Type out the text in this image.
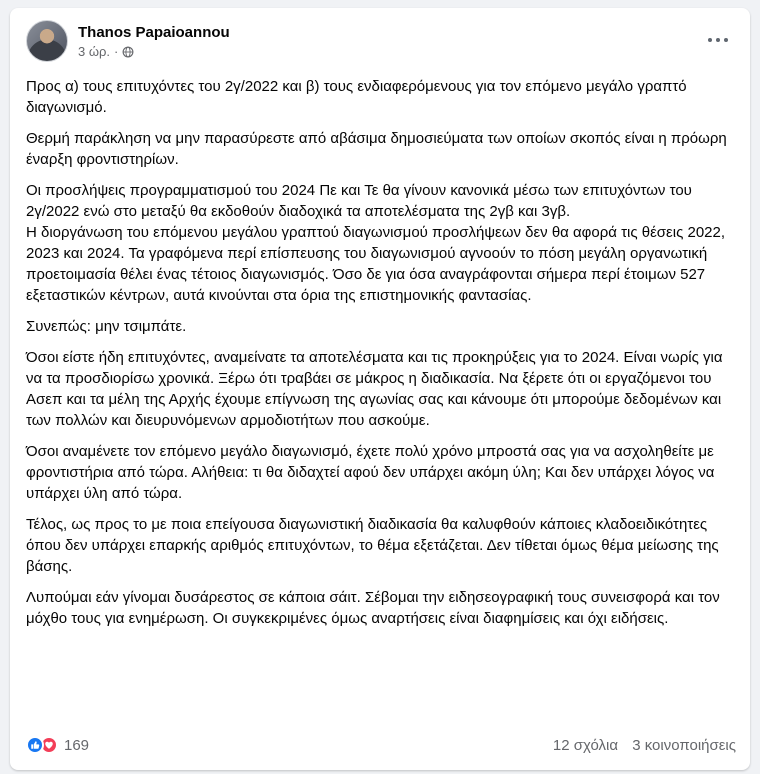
Thanos Papaioannou
3 ώρ. ·

Προς α) τους επιτυχόντες του 2γ/2022 και β) τους ενδιαφερόμενους για τον επόμενο μεγάλο γραπτό διαγωνισμό.

Θερμή παράκληση να μην παρασύρεστε από αβάσιμα δημοσιεύματα των οποίων σκοπός είναι η πρόωρη έναρξη φροντιστηρίων.

Οι προσλήψεις προγραμματισμού του 2024 Πε και Τε θα γίνουν κανονικά μέσω των επιτυχόντων του 2γ/2022 ενώ στο μεταξύ θα εκδοθούν διαδοχικά τα αποτελέσματα της 2γβ και 3γβ.

Η διοργάνωση του επόμενου μεγάλου γραπτού διαγωνισμού προσλήψεων δεν θα αφορά τις θέσεις 2022, 2023 και 2024. Τα γραφόμενα περί επίσπευσης του διαγωνισμού αγνοούν το πόση μεγάλη οργανωτική προετοιμασία θέλει ένας τέτοιος διαγωνισμός. Όσο δε για όσα αναγράφονται σήμερα περί έτοιμων 527 εξεταστικών κέντρων, αυτά κινούνται στα όρια της επιστημονικής φαντασίας.

Συνεπώς: μην τσιμπάτε.

Όσοι είστε ήδη επιτυχόντες, αναμείνατε τα αποτελέσματα και τις προκηρύξεις για το 2024. Είναι νωρίς για να τα προσδιορίσω χρονικά. Ξέρω ότι τραβάει σε μάκρος η διαδικασία. Να ξέρετε ότι οι εργαζόμενοι του Ασεπ και τα μέλη της Αρχής έχουμε επίγνωση της αγωνίας σας και κάνουμε ότι μπορούμε δεδομένων και των πολλών και διευρυνόμενων αρμοδιοτήτων που ασκούμε.

Όσοι αναμένετε τον επόμενο μεγάλο διαγωνισμό, έχετε πολύ χρόνο μπροστά σας για να ασχοληθείτε με φροντιστήρια από τώρα. Αλήθεια: τι θα διδαχτεί αφού δεν υπάρχει ακόμη ύλη; Και δεν υπάρχει λόγος να υπάρχει ύλη από τώρα.

Τέλος, ως προς το με ποια επείγουσα διαγωνιστική διαδικασία θα καλυφθούν κάποιες κλαδοειδικότητες όπου δεν υπάρχει επαρκής αριθμός επιτυχόντων, το θέμα εξετάζεται. Δεν τίθεται όμως θέμα μείωσης της βάσης.

Λυπούμαι εάν γίνομαι δυσάρεστος σε κάποια σάιτ. Σέβομαι την ειδησεογραφική τους συνεισφορά και τον μόχθο τους για ενημέρωση. Οι συγκεκριμένες όμως αναρτήσεις είναι διαφημίσεις και όχι ειδήσεις.

169	12 σχόλια 3 κοινοποιήσεις
